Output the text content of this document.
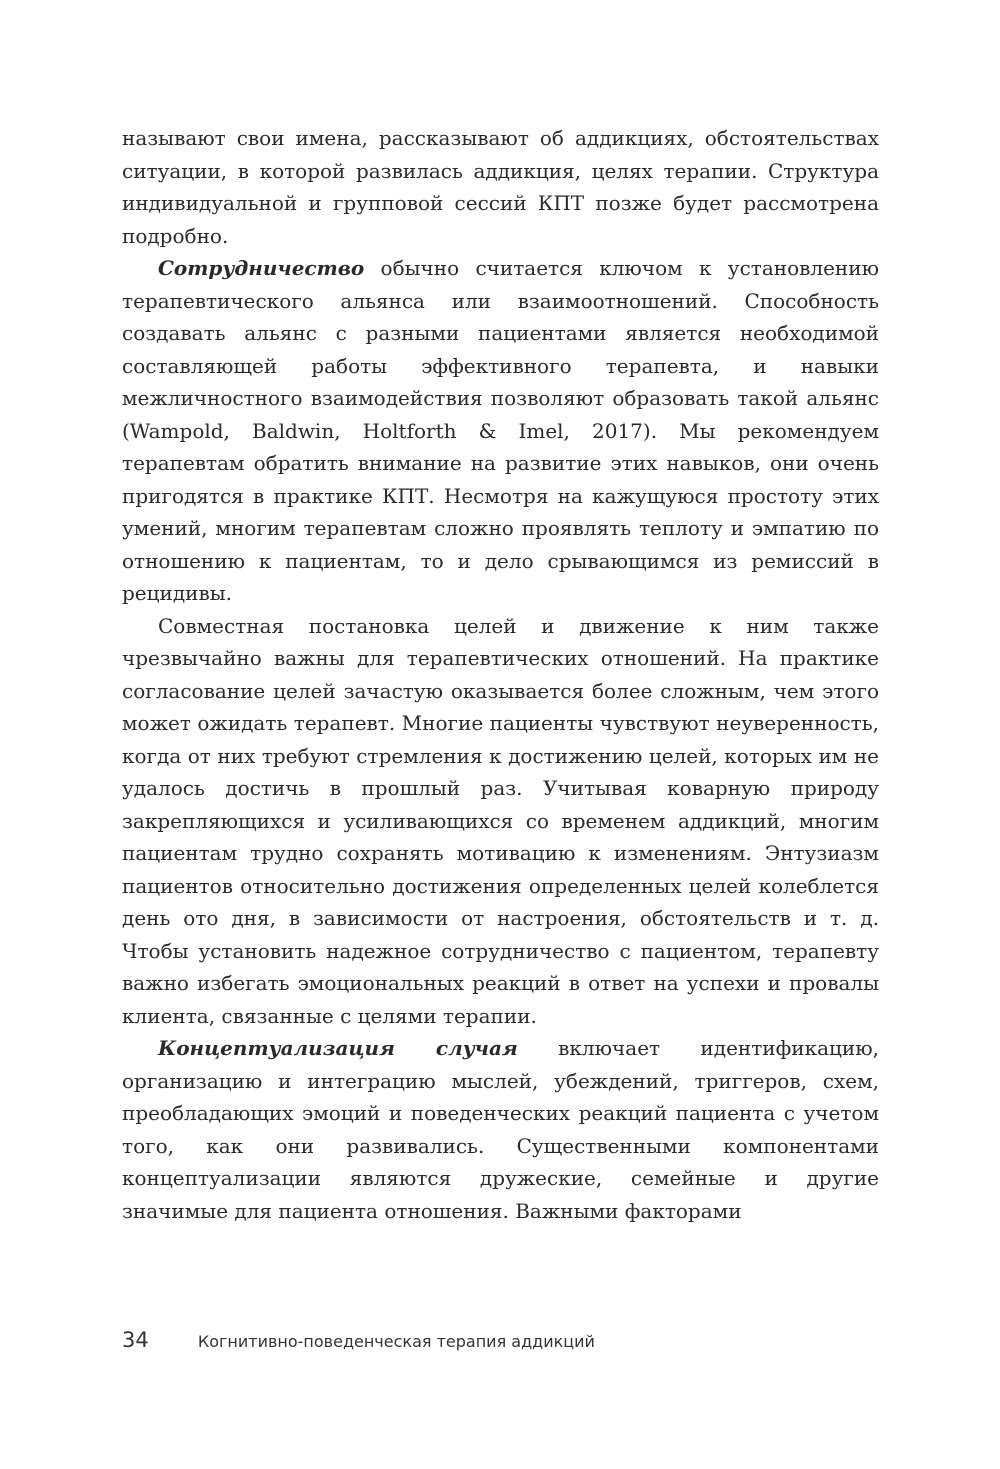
называют свои имена, рассказывают об аддикциях, обстоятельствах ситуации, в которой развилась аддикция, целях терапии. Структура индивидуальной и групповой сессий КПТ позже будет рассмотрена подробно.

Сотрудничество обычно считается ключом к установлению терапевтического альянса или взаимоотношений. Способность создавать альянс с разными пациентами является необходимой составляющей работы эффективного терапевта, и навыки межличностного взаимодействия позволяют образовать такой альянс (Wampold, Baldwin, Holtforth & Imel, 2017). Мы рекомендуем терапевтам обратить внимание на развитие этих навыков, они очень пригодятся в практике КПТ. Несмотря на кажущуюся простоту этих умений, многим терапевтам сложно проявлять теплоту и эмпатию по отношению к пациентам, то и дело срывающимся из ремиссий в рецидивы.

Совместная постановка целей и движение к ним также чрезвычайно важны для терапевтических отношений. На практике согласование целей зачастую оказывается более сложным, чем этого может ожидать терапевт. Многие пациенты чувствуют неуверенность, когда от них требуют стремления к достижению целей, которых им не удалось достичь в прошлый раз. Учитывая коварную природу закрепляющихся и усиливающихся со временем аддикций, многим пациентам трудно сохранять мотивацию к изменениям. Энтузиазм пациентов относительно достижения определенных целей колеблется день ото дня, в зависимости от настроения, обстоятельств и т. д. Чтобы установить надежное сотрудничество с пациентом, терапевту важно избегать эмоциональных реакций в ответ на успехи и провалы клиента, связанные с целями терапии.

Концептуализация случая включает идентификацию, организацию и интеграцию мыслей, убеждений, триггеров, схем, преобладающих эмоций и поведенческих реакций пациента с учетом того, как они развивались. Существенными компонентами концептуализации являются дружеские, семейные и другие значимые для пациента отношения. Важными факторами

34	Когнитивно-поведенческая терапия аддикций
